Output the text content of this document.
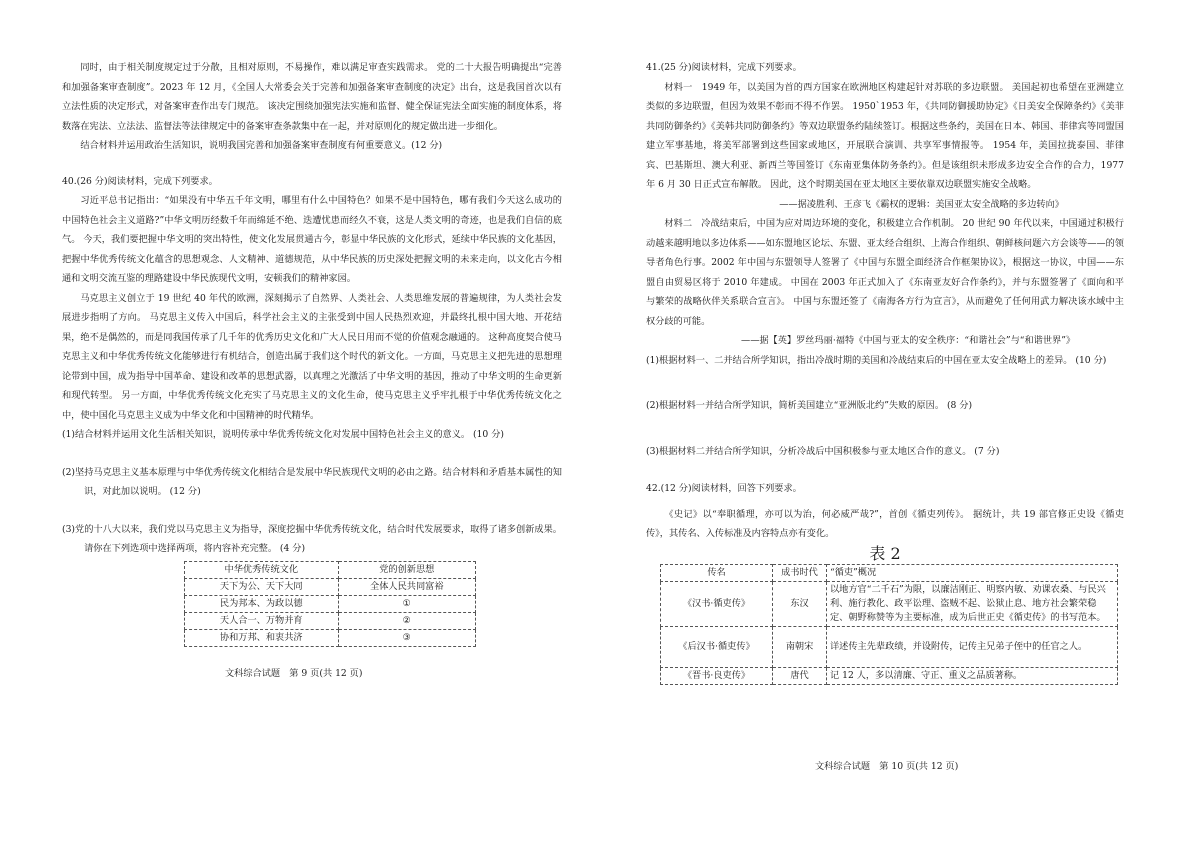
同时，由于相关制度规定过于分散，且相对原则，不易操作，难以满足审查实践需求。 党的二十大报告明确提出“完善和加强备案审查制度”。2023 年 12 月，《全国人大常委会关于完善和加强备案审查制度的决定》出台，这是我国首次以有立法性质的决定形式，对备案审查作出专门规范。 该决定围绕加强宪法实施和监督、健全保证宪法全面实施的制度体系，将数落在宪法、立法法、监督法等法律规定中的备案审查条款集中在一起，并对原则化的规定做出进一步细化。

结合材料并运用政治生活知识，说明我国完善和加强备案审查制度有何重要意义。(12 分)

40.(26 分)阅读材料，完成下列要求。

习近平总书记指出：“如果没有中华五千年文明，哪里有什么中国特色？如果不是中国特色，哪有我们今天这么成功的中国特色社会主义道路?”中华文明历经数千年而绵延不绝、迭遭忧患而经久不衰，这是人类文明的奇迹，也是我们自信的底气。 今天，我们要把握中华文明的突出特性，使文化发展贯通古今，彰显中华民族的文化形式，延续中华民族的文化基因，把握中华优秀传统文化蕴含的思想观念、人文精神、道德规范，从中华民族的历史深处把握文明的未来走向，以文化古今相通和文明交流互鉴的理路建设中华民族现代文明，安顿我们的精神家园。

马克思主义创立于 19 世纪 40 年代的欧洲，深刻揭示了自然界、人类社会、人类思维发展的普遍规律，为人类社会发展进步指明了方向。 马克思主义传入中国后，科学社会主义的主张受到中国人民热烈欢迎，并最终扎根中国大地、开花结果，绝不是偶然的，而是同我国传承了几千年的优秀历史文化和广大人民日用而不觉的价值观念融通的。 这种高度契合使马克思主义和中华优秀传统文化能够进行有机结合，创造出属于我们这个时代的新文化。一方面，马克思主义把先进的思想理论带到中国，成为指导中国革命、建设和改革的思想武器，以真理之光激活了中华文明的基因，推动了中华文明的生命更新和现代转型。 另一方面，中华优秀传统文化充实了马克思主义的文化生命，使马克思主义乎牢扎根于中华优秀传统文化之中，使中国化马克思主义成为中华文化和中国精神的时代精华。

(1)结合材料并运用文化生活相关知识，说明传承中华优秀传统文化对发展中国特色社会主义的意义。 (10 分)

(2)坚持马克思主义基本原理与中华优秀传统文化相结合是发展中华民族现代文明的必由之路。结合材料和矛盾基本属性的知识，对此加以说明。 (12 分)

(3)党的十八大以来，我们党以马克思主义为指导，深度挖掘中华优秀传统文化，结合时代发展要求，取得了诸多创新成果。请你在下列选项中选择两项，将内容补充完整。 (4 分)

中华优秀传统文化	党的创新思想
天下为公、天下大同	全体人民共同富裕
民为邦本、为政以德	①
天人合一、万物并育	②
协和万邦、和衷共济	③
文科综合试题　第 9 页(共 12 页)

41.(25 分)阅读材料，完成下列要求。

材料一　1949 年，以美国为首的西方国家在欧洲地区构建起针对苏联的多边联盟。 美国起初也希望在亚洲建立类似的多边联盟，但因为效果不彰而不得不作罢。 1950`1953 年，《共同防御援助协定》《日美安全保障条约》《美菲共同防御条约》《美韩共同防御条约》等双边联盟条约陆续签订。根据这些条约，美国在日本、韩国、菲律宾等同盟国建立军事基地，将美军部署到这些国家或地区，开展联合演训、共享军事情报等。 1954 年，美国拉拢泰国、菲律宾、巴基斯坦、澳大利亚、新西兰等国签订《东南亚集体防务条约》。但是该组织未形成多边安全合作的合力，1977 年 6 月 30 日正式宣布解散。 因此，这个时期美国在亚太地区主要依靠双边联盟实施安全战略。

——据凌胜利、王彦飞《霸权的逻辑：美国亚太安全战略的多边转向》

材料二　冷战结束后，中国为应对周边环境的变化，积极建立合作机制。 20 世纪 90 年代以来，中国通过积极行动越来越明地以多边体系——如东盟地区论坛、东盟、亚太经合组织、上海合作组织、朝鲜核问题六方会谈等——的领导者角色行事。2002 年中国与东盟领导人签署了《中国与东盟全面经济合作框架协议》，根据这一协议，中国——东盟自由贸易区将于 2010 年建成。 中国在 2003 年正式加入了《东南亚友好合作条约》，并与东盟签署了《面向和平与繁荣的战略伙伴关系联合宣言》。 中国与东盟还签了《南海各方行为宣言》，从而避免了任何用武力解决该水域中主权分歧的可能。

——据【英】罗丝玛丽·福特《中国与亚太的安全秩序：“和谐社会”与“和谐世界”》

(1)根据材料一、二并结合所学知识，指出冷战时期的美国和冷战结束后的中国在亚太安全战略上的差异。 (10 分)

(2)根据材料一并结合所学知识，简析美国建立“亚洲版北约”失败的原因。 (8 分)

(3)根据材料二并结合所学知识，分析冷战后中国积极参与亚太地区合作的意义。 (7 分)

42.(12 分)阅读材料，回答下列要求。

《史记》以“奉职循理，亦可以为治，何必威严哉?”，首创《循吏列传》。 据统计，共 19 部官修正史设《循吏传》，其传名、入传标准及内容特点亦有变化。

表 2
传名	成书时代	“循吏”概况
《汉书·循吏传》	东汉	以地方官“二千石”为限，以廉洁刚正、明察内敏、劝课农桑、与民兴利、施行教化、政平讼理、盗贼不起、讼狱止息、地方社会繁荣稳定、朝野称赞等为主要标准，成为后世正史《循吏传》的书写范本。
《后汉书·循吏传》	南朝宋	详述传主先辈政绩，并设附传，记传主兄弟子侄中的任官之人。
《晋书·良吏传》	唐代	记 12 人，多以清廉、守正、重义之品质著称。
文科综合试题　第 10 页(共 12 页)
